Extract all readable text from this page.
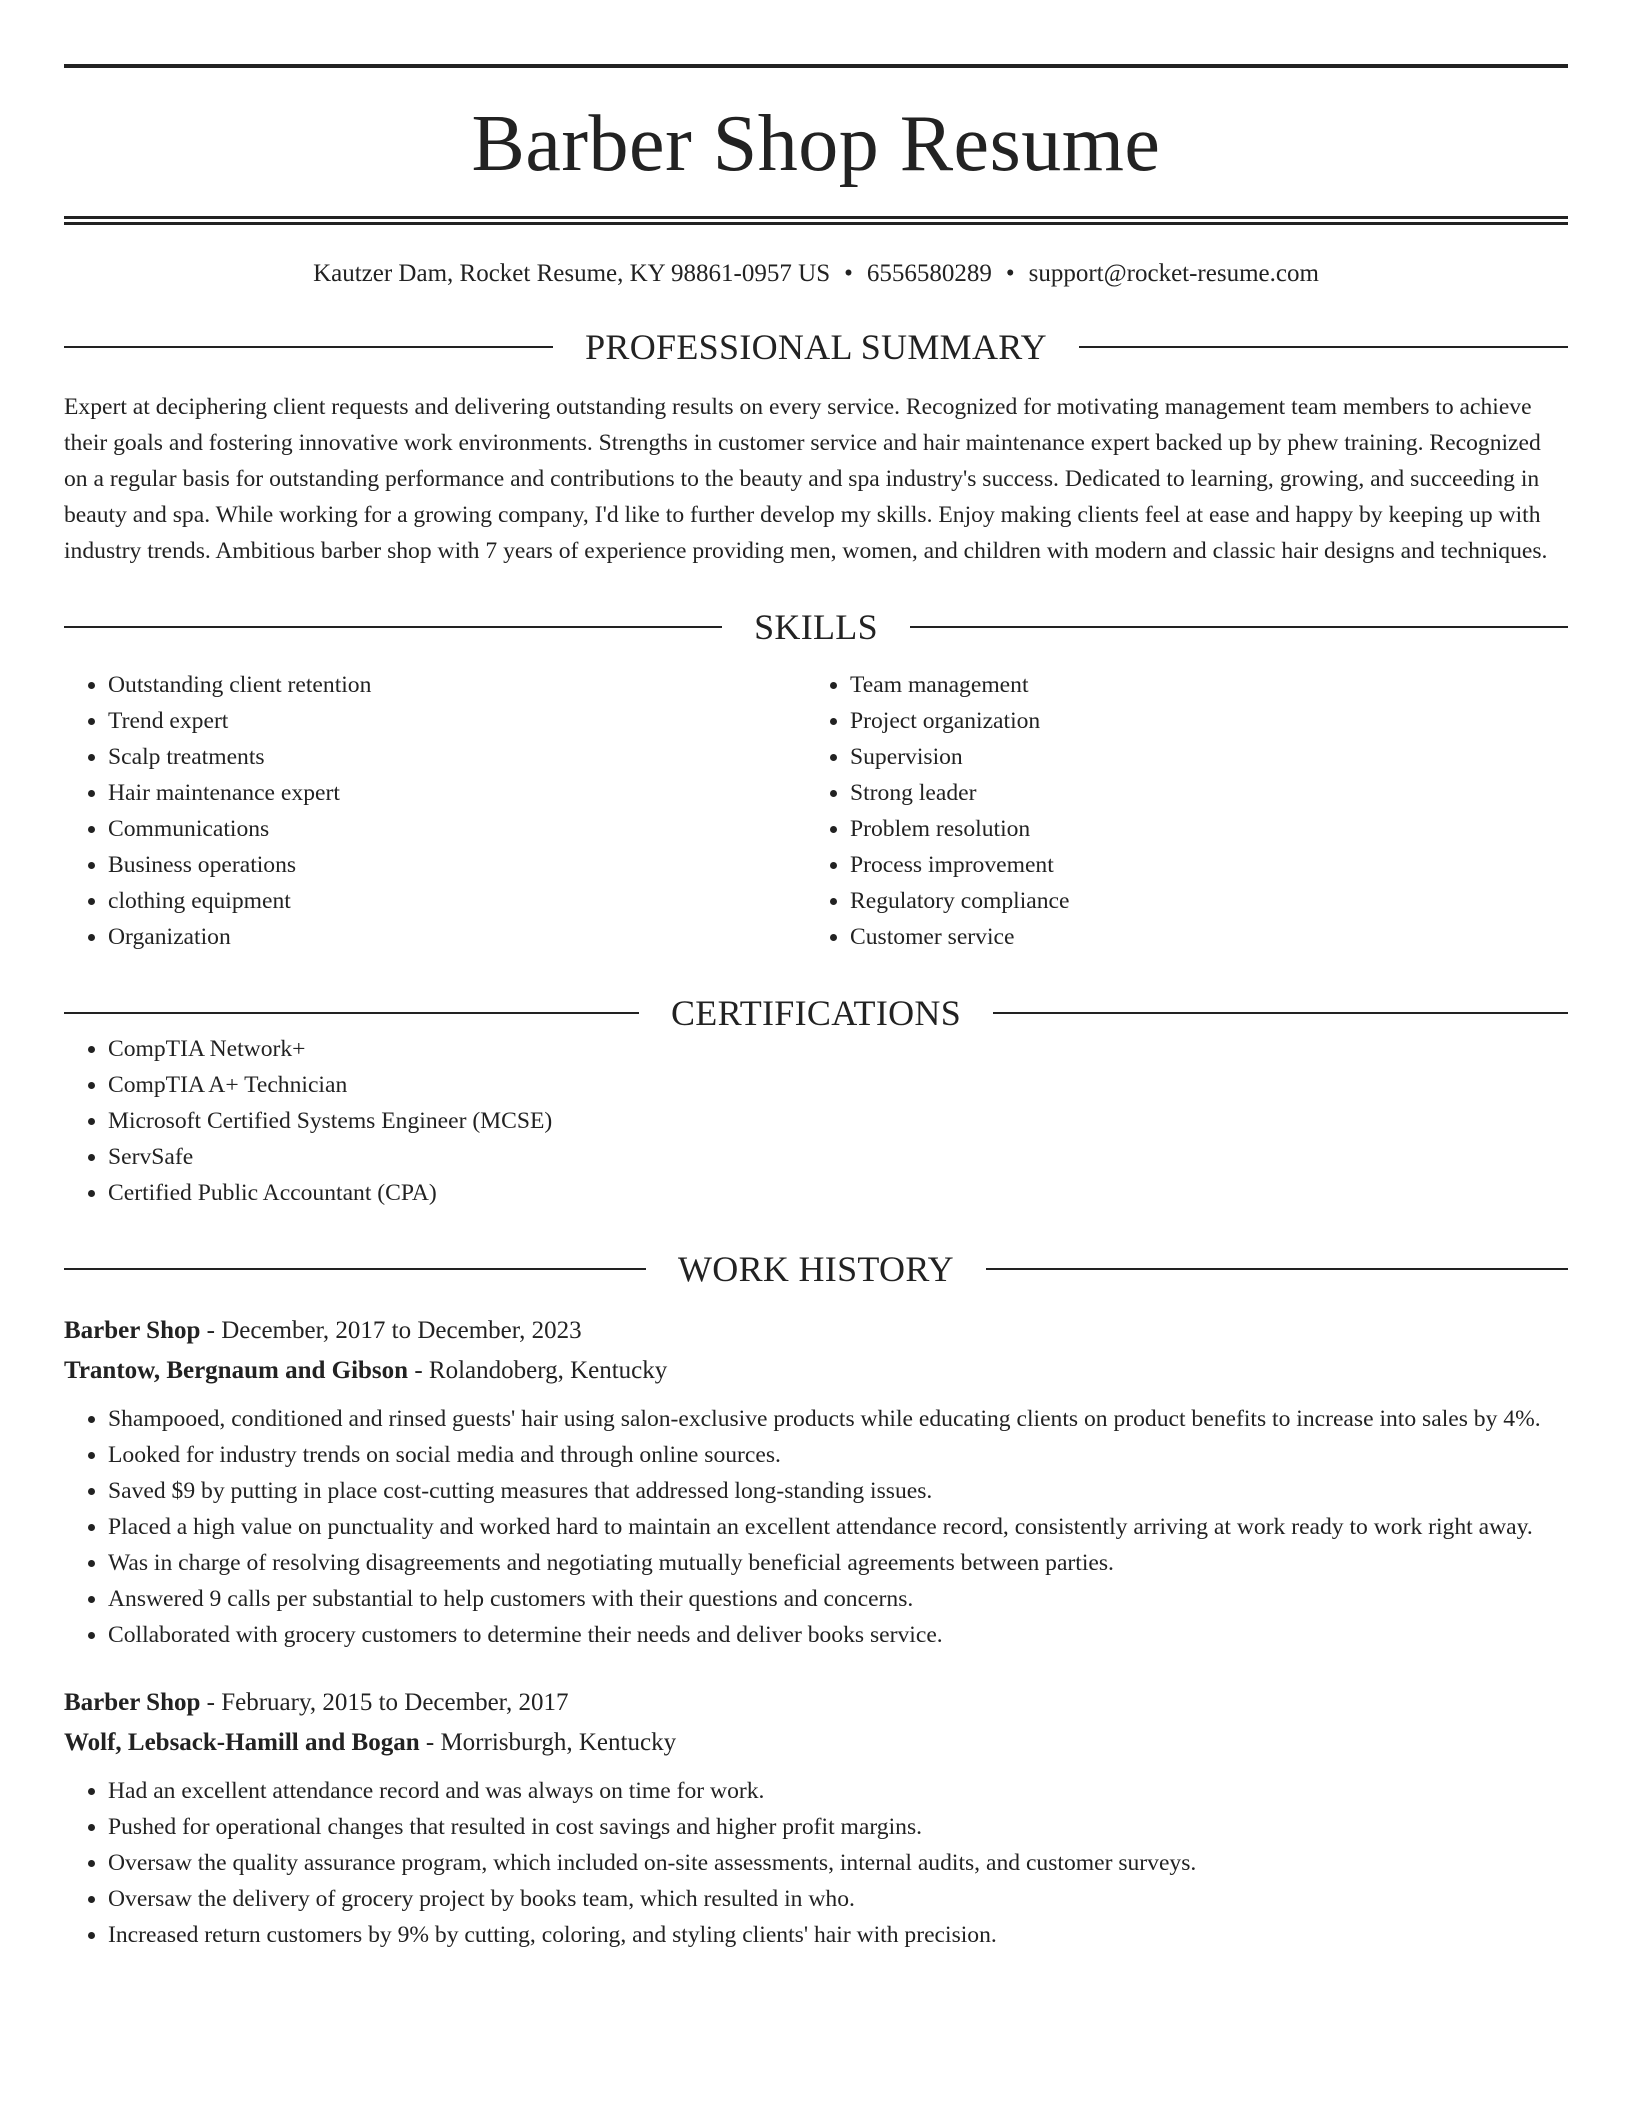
Barber Shop Resume
Kautzer Dam, Rocket Resume, KY 98861-0957 US • 6556580289 • support@rocket-resume.com
PROFESSIONAL SUMMARY

Expert at deciphering client requests and delivering outstanding results on every service. Recognized for motivating management team members to achieve their goals and fostering innovative work environments. Strengths in customer service and hair maintenance expert backed up by phew training. Recognized on a regular basis for outstanding performance and contributions to the beauty and spa industry's success. Dedicated to learning, growing, and succeeding in beauty and spa. While working for a growing company, I'd like to further develop my skills. Enjoy making clients feel at ease and happy by keeping up with industry trends. Ambitious barber shop with 7 years of experience providing men, women, and children with modern and classic hair designs and techniques.

SKILLS
• Outstanding client retention
• Trend expert
• Scalp treatments
• Hair maintenance expert
• Communications
• Business operations
• clothing equipment
• Organization
• Team management
• Project organization
• Supervision
• Strong leader
• Problem resolution
• Process improvement
• Regulatory compliance
• Customer service
CERTIFICATIONS
• CompTIA Network+
• CompTIA A+ Technician
• Microsoft Certified Systems Engineer (MCSE)
• ServSafe
• Certified Public Accountant (CPA)
WORK HISTORY
Barber Shop - December, 2017 to December, 2023
Trantow, Bergnaum and Gibson - Rolandoberg, Kentucky
• Shampooed, conditioned and rinsed guests' hair using salon-exclusive products while educating clients on product benefits to increase into sales by 4%.
• Looked for industry trends on social media and through online sources.
• Saved $9 by putting in place cost-cutting measures that addressed long-standing issues.
• Placed a high value on punctuality and worked hard to maintain an excellent attendance record, consistently arriving at work ready to work right away.
• Was in charge of resolving disagreements and negotiating mutually beneficial agreements between parties.
• Answered 9 calls per substantial to help customers with their questions and concerns.
• Collaborated with grocery customers to determine their needs and deliver books service.
Barber Shop - February, 2015 to December, 2017
Wolf, Lebsack-Hamill and Bogan - Morrisburgh, Kentucky
• Had an excellent attendance record and was always on time for work.
• Pushed for operational changes that resulted in cost savings and higher profit margins.
• Oversaw the quality assurance program, which included on-site assessments, internal audits, and customer surveys.
• Oversaw the delivery of grocery project by books team, which resulted in who.
• Increased return customers by 9% by cutting, coloring, and styling clients' hair with precision.
